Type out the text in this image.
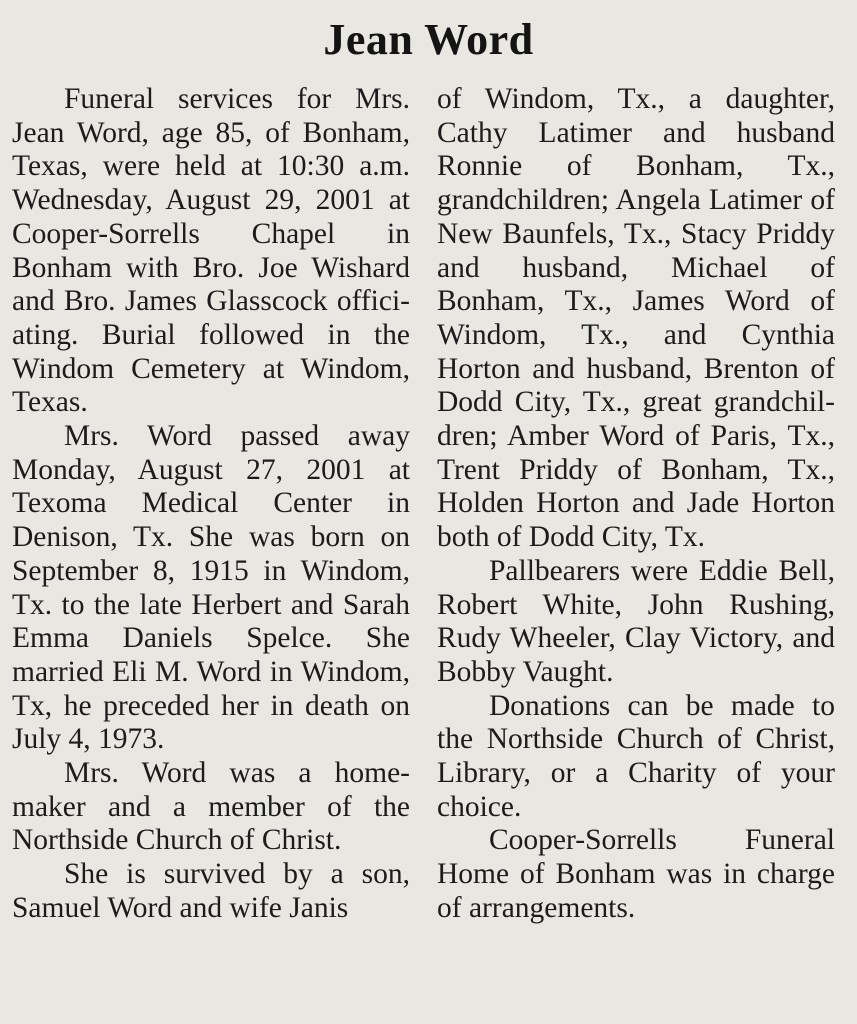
Jean Word

Funeral services for Mrs. Jean Word, age 85, of Bonham, Texas, were held at 10:30 a.m. Wednesday, August 29, 2001 at Cooper-Sorrells Chapel in Bonham with Bro. Joe Wishard and Bro. James Glasscock officiating. Burial followed in the Windom Cemetery at Windom, Texas.

Mrs. Word passed away Monday, August 27, 2001 at Texoma Medical Center in Denison, Tx. She was born on September 8, 1915 in Windom, Tx. to the late Herbert and Sarah Emma Daniels Spelce. She married Eli M. Word in Windom, Tx, he preceded her in death on July 4, 1973.

Mrs. Word was a homemaker and a member of the Northside Church of Christ.

She is survived by a son, Samuel Word and wife Janis

of Windom, Tx., a daughter, Cathy Latimer and husband Ronnie of Bonham, Tx., grandchildren; Angela Latimer of New Baunfels, Tx., Stacy Priddy and husband, Michael of Bonham, Tx., James Word of Windom, Tx., and Cynthia Horton and husband, Brenton of Dodd City, Tx., great grandchildren; Amber Word of Paris, Tx., Trent Priddy of Bonham, Tx., Holden Horton and Jade Horton both of Dodd City, Tx.

Pallbearers were Eddie Bell, Robert White, John Rushing, Rudy Wheeler, Clay Victory, and Bobby Vaught.

Donations can be made to the Northside Church of Christ, Library, or a Charity of your choice.

Cooper-Sorrells Funeral Home of Bonham was in charge of arrangements.
